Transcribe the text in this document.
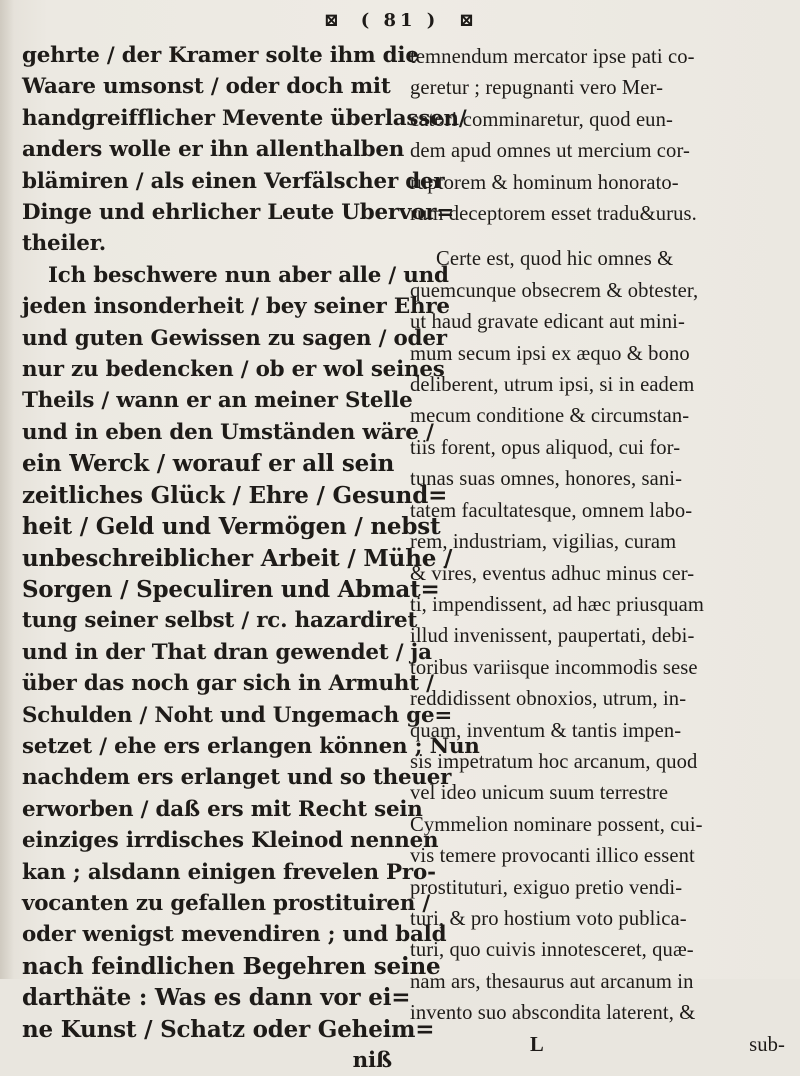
⊠ ( 81 ) ⊠
gehrte / der Kramer solte ihm die
Waare umsonst / oder doch mit
handgreifflicher Mevente überlassen/
anders wolle er ihn allenthalben
blämiren / als einen Verfälscher der
Dinge und ehrlicher Leute Ubervor=
theiler.
Ich beschwere nun aber alle / und
jeden insonderheit / bey seiner Ehre
und guten Gewissen zu sagen / oder
nur zu bedencken / ob er wol seines
Theils / wann er an meiner Stelle
und in eben den Umständen wäre /
ein Werck / worauf er all sein
zeitliches Glück / Ehre / Gesund=
heit / Geld und Vermögen / nebst
unbeschreiblicher Arbeit / Mühe /
Sorgen / Speculiren und Abmat=
tung seiner selbst / rc. hazardiret
und in der That dran gewendet / ja
über das noch gar sich in Armuht /
Schulden / Noht und Ungemach ge=
setzet / ehe ers erlangen können ; Nun
nachdem ers erlanget und so theuer
erworben / daß ers mit Recht sein
einziges irrdisches Kleinod nennen
kan ; alsdann einigen frevelen Pro-
vocanten zu gefallen prostituiren /
oder wenigst mevendiren ; und bald
nach feindlichen Begehren seine
darthäte : Was es dann vor ei=
ne Kunst / Schatz oder Geheim=
niß
temnendum mercator ipse pati co-
geretur ; repugnanti vero Mer-
catori comminaretur, quod eun-
dem apud omnes ut mercium cor-
ruptorem & hominum honorato-
rum deceptorem esset tradu&urus.
Certe est, quod hic omnes &
quemcunque obsecrem & obtester,
ut haud gravate edicant aut mini-
mum secum ipsi ex æquo & bono
deliberent, utrum ipsi, si in eadem
mecum conditione & circumstan-
tiis forent, opus aliquod, cui for-
tunas suas omnes, honores, sani-
tatem facultatesque, omnem labo-
rem, industriam, vigilias, curam
& vires, eventus adhuc minus cer-
ti, impendissent, ad hæc priusquam
illud invenissent, paupertati, debi-
toribus variisque incommodis sese
reddidissent obnoxios, utrum, in-
quam, inventum & tantis impen-
sis impetratum hoc arcanum, quod
vel ideo unicum suum terrestre
Cymmelion nominare possent, cui-
vis temere provocanti illico essent
prostituturi, exiguo pretio vendi-
turi, & pro hostium voto publica-
turi, quo cuivis innotesceret, quæ-
nam ars, thesaurus aut arcanum in
invento suo abscondita laterent, &
L	sub-
